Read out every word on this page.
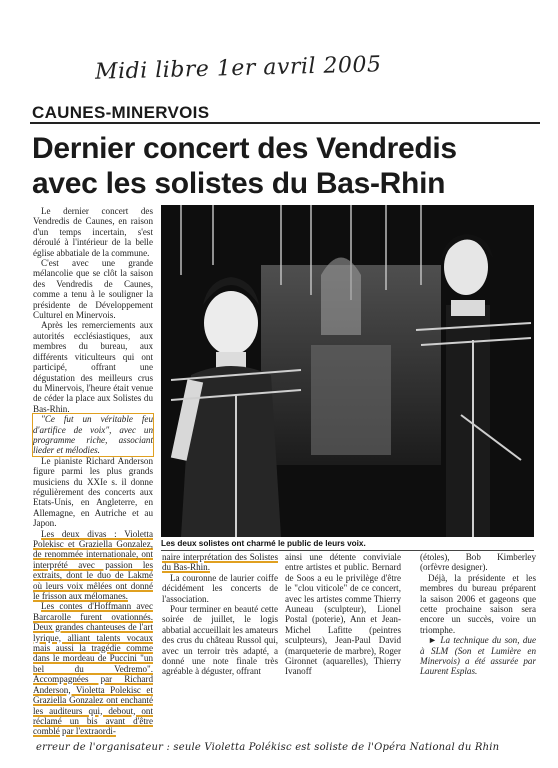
Midi libre 1er avril 2005
CAUNES-MINERVOIS
Dernier concert des Vendredis
avec les solistes du Bas-Rhin

Le dernier concert des Vendredis de Caunes, en raison d'un temps incertain, s'est déroulé à l'intérieur de la belle église abbatiale de la commune.

C'est avec une grande mélancolie que se clôt la saison des Vendredis de Caunes, comme a tenu à le souligner la présidente de Développement Culturel en Minervois.

Après les remerciements aux autorités ecclésiastiques, aux membres du bureau, aux différents viticulteurs qui ont participé, offrant une dégustation des meilleurs crus du Minervois, l'heure était venue de céder la place aux Solistes du Bas-Rhin.

"Ce fut un véritable feu d'artifice de voix", avec un programme riche, associant lieder et mélodies.

Le pianiste Richard Anderson figure parmi les plus grands musiciens du XXIe s. il donne régulièrement des concerts aux Etats-Unis, en Angleterre, en Allemagne, en Autriche et au Japon.

Les deux divas : Violetta Polekisc et Graziella Gonzalez, de renommée internationale, ont interprété avec passion les extraits, dont le duo de Lakmé où leurs voix mêlées ont donné le frisson aux mélomanes.

Les contes d'Hoffmann avec Barcarolle furent ovationnés. Deux grandes chanteuses de l'art lyrique, alliant talents vocaux mais aussi la tragédie comme dans le mordeau de Puccini "un bel du Vedremo". Accompagnées par Richard Anderson, Violetta Polekisc et Graziella Gonzalez ont enchanté les auditeurs qui, debout, ont réclamé un bis avant d'être comblé par l'extraordi-

Les deux solistes ont charmé le public de leurs voix.

naire interprétation des Solistes du Bas-Rhin.

La couronne de laurier coiffe décidément les concerts de l'association.

Pour terminer en beauté cette soirée de juillet, le logis abbatial accueillait les amateurs des crus du château Russol qui, avec un terroir très adapté, a donné une note finale très agréable à déguster, offrant

ainsi une détente conviviale entre artistes et public. Bernard de Soos a eu le privilège d'être le "clou viticole" de ce concert, avec les artistes comme Thierry Auneau (sculpteur), Lionel Postal (poterie), Ann et Jean-Michel Lafitte (peintres sculpteurs), Jean-Paul David (marqueterie de marbre), Roger Gironnet (aquarelles), Thierry Ivanoff

(étoles), Bob Kimberley (orfèvre designer).

Déjà, la présidente et les membres du bureau préparent la saison 2006 et gageons que cette prochaine saison sera encore un succès, voire un triomphe.

► La technique du son, due à SLM (Son et Lumière en Minervois) a été assurée par Laurent Esplas.

erreur de l'organisateur : seule Violetta Polékisc est soliste de l'Opéra National du Rhin
